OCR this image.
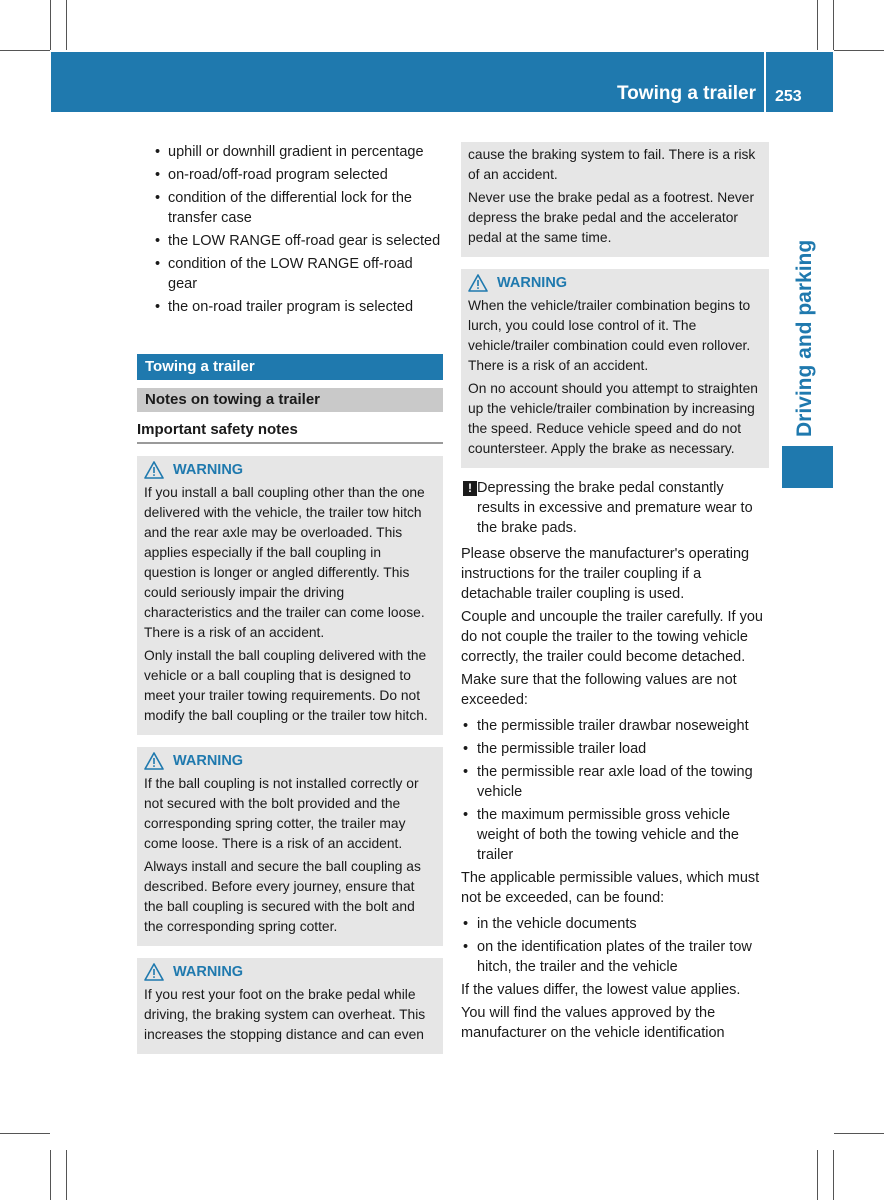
Towing a trailer 253
Driving and parking
• uphill or downhill gradient in percentage
• on-road/off-road program selected
• condition of the differential lock for the transfer case
• the LOW RANGE off-road gear is selected
• condition of the LOW RANGE off-road gear
• the on-road trailer program is selected
Towing a trailer
Notes on towing a trailer
Important safety notes
WARNING

If you install a ball coupling other than the one delivered with the vehicle, the trailer tow hitch and the rear axle may be overloaded. This applies especially if the ball coupling in question is longer or angled differently. This could seriously impair the driving characteristics and the trailer can come loose. There is a risk of an accident.

Only install the ball coupling delivered with the vehicle or a ball coupling that is designed to meet your trailer towing requirements. Do not modify the ball coupling or the trailer tow hitch.

WARNING

If the ball coupling is not installed correctly or not secured with the bolt provided and the corresponding spring cotter, the trailer may come loose. There is a risk of an accident.

Always install and secure the ball coupling as described. Before every journey, ensure that the ball coupling is secured with the bolt and the corresponding spring cotter.

WARNING

If you rest your foot on the brake pedal while driving, the braking system can overheat. This increases the stopping distance and can even

cause the braking system to fail. There is a risk of an accident.

Never use the brake pedal as a footrest. Never depress the brake pedal and the accelerator pedal at the same time.

WARNING

When the vehicle/trailer combination begins to lurch, you could lose control of it. The vehicle/trailer combination could even rollover. There is a risk of an accident.

On no account should you attempt to straighten up the vehicle/trailer combination by increasing the speed. Reduce vehicle speed and do not countersteer. Apply the brake as necessary.

! Depressing the brake pedal constantly results in excessive and premature wear to the brake pads.

Please observe the manufacturer's operating instructions for the trailer coupling if a detachable trailer coupling is used.

Couple and uncouple the trailer carefully. If you do not couple the trailer to the towing vehicle correctly, the trailer could become detached.

Make sure that the following values are not exceeded:

• the permissible trailer drawbar noseweight
• the permissible trailer load
• the permissible rear axle load of the towing vehicle
• the maximum permissible gross vehicle weight of both the towing vehicle and the trailer

The applicable permissible values, which must not be exceeded, can be found:

• in the vehicle documents
• on the identification plates of the trailer tow hitch, the trailer and the vehicle

If the values differ, the lowest value applies.

You will find the values approved by the manufacturer on the vehicle identification
